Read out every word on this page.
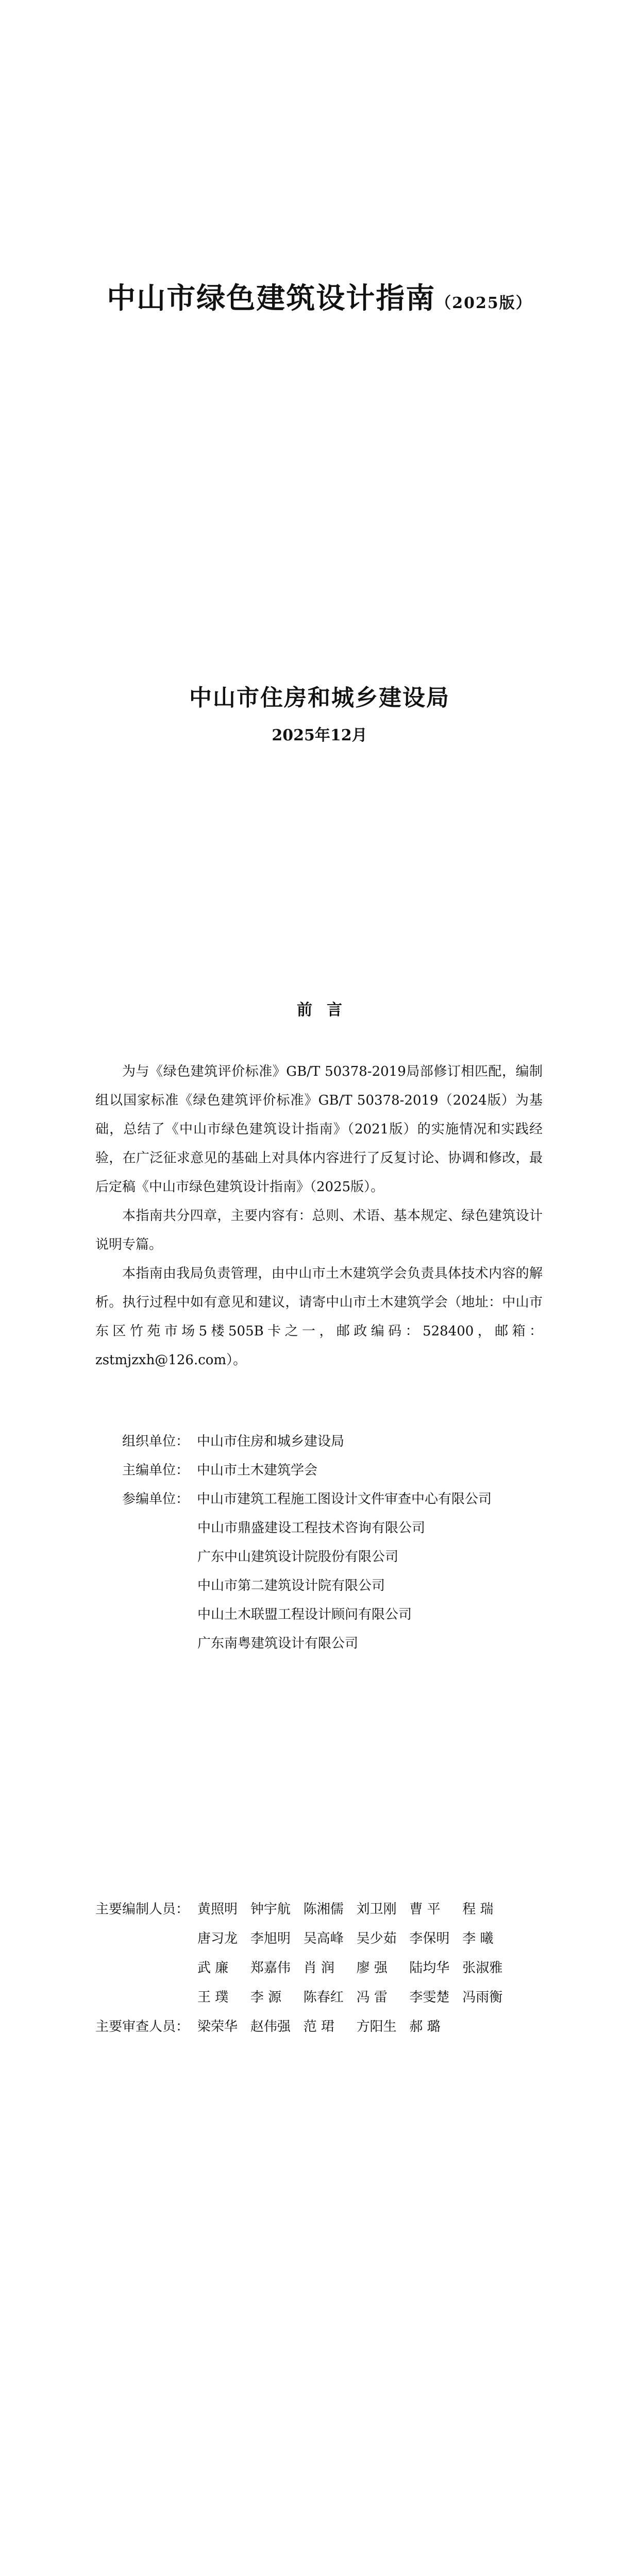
中山市绿色建筑设计指南（2025版）
中山市住房和城乡建设局
2025年12月
前言

为与《绿色建筑评价标准》GB/T 50378-2019局部修订相匹配，编制组以国家标准《绿色建筑评价标准》GB/T 50378-2019（2024版）为基础，总结了《中山市绿色建筑设计指南》（2021版）的实施情况和实践经验，在广泛征求意见的基础上对具体内容进行了反复讨论、协调和修改，最后定稿《中山市绿色建筑设计指南》（2025版）。

本指南共分四章，主要内容有：总则、术语、基本规定、绿色建筑设计说明专篇。

本指南由我局负责管理，由中山市土木建筑学会负责具体技术内容的解析。执行过程中如有意见和建议，请寄中山市土木建筑学会（地址：中山市东区竹苑市场5楼505B卡之一，邮政编码：528400，邮箱：zstmjzxh@126.com）。

组织单位： 中山市住房和城乡建设局
主编单位： 中山市土木建筑学会
参编单位： 中山市建筑工程施工图设计文件审查中心有限公司
中山市鼎盛建设工程技术咨询有限公司
广东中山建筑设计院股份有限公司
中山市第二建筑设计院有限公司
中山土木联盟工程设计顾问有限公司
广东南粤建筑设计有限公司
主要编制人员： 黄照明 钟宇航 陈湘儒 刘卫刚 曹 平	程 瑞
唐习龙 李旭明 吴高峰 吴少茹 李保明 李 曦
武 廉	郑嘉伟 肖 润	廖 强	陆均华 张淑雅
王 璞	李 源	陈春红 冯 雷	李雯楚 冯雨衡
主要审查人员： 梁荣华 赵伟强 范 珺	方阳生 郝 璐
